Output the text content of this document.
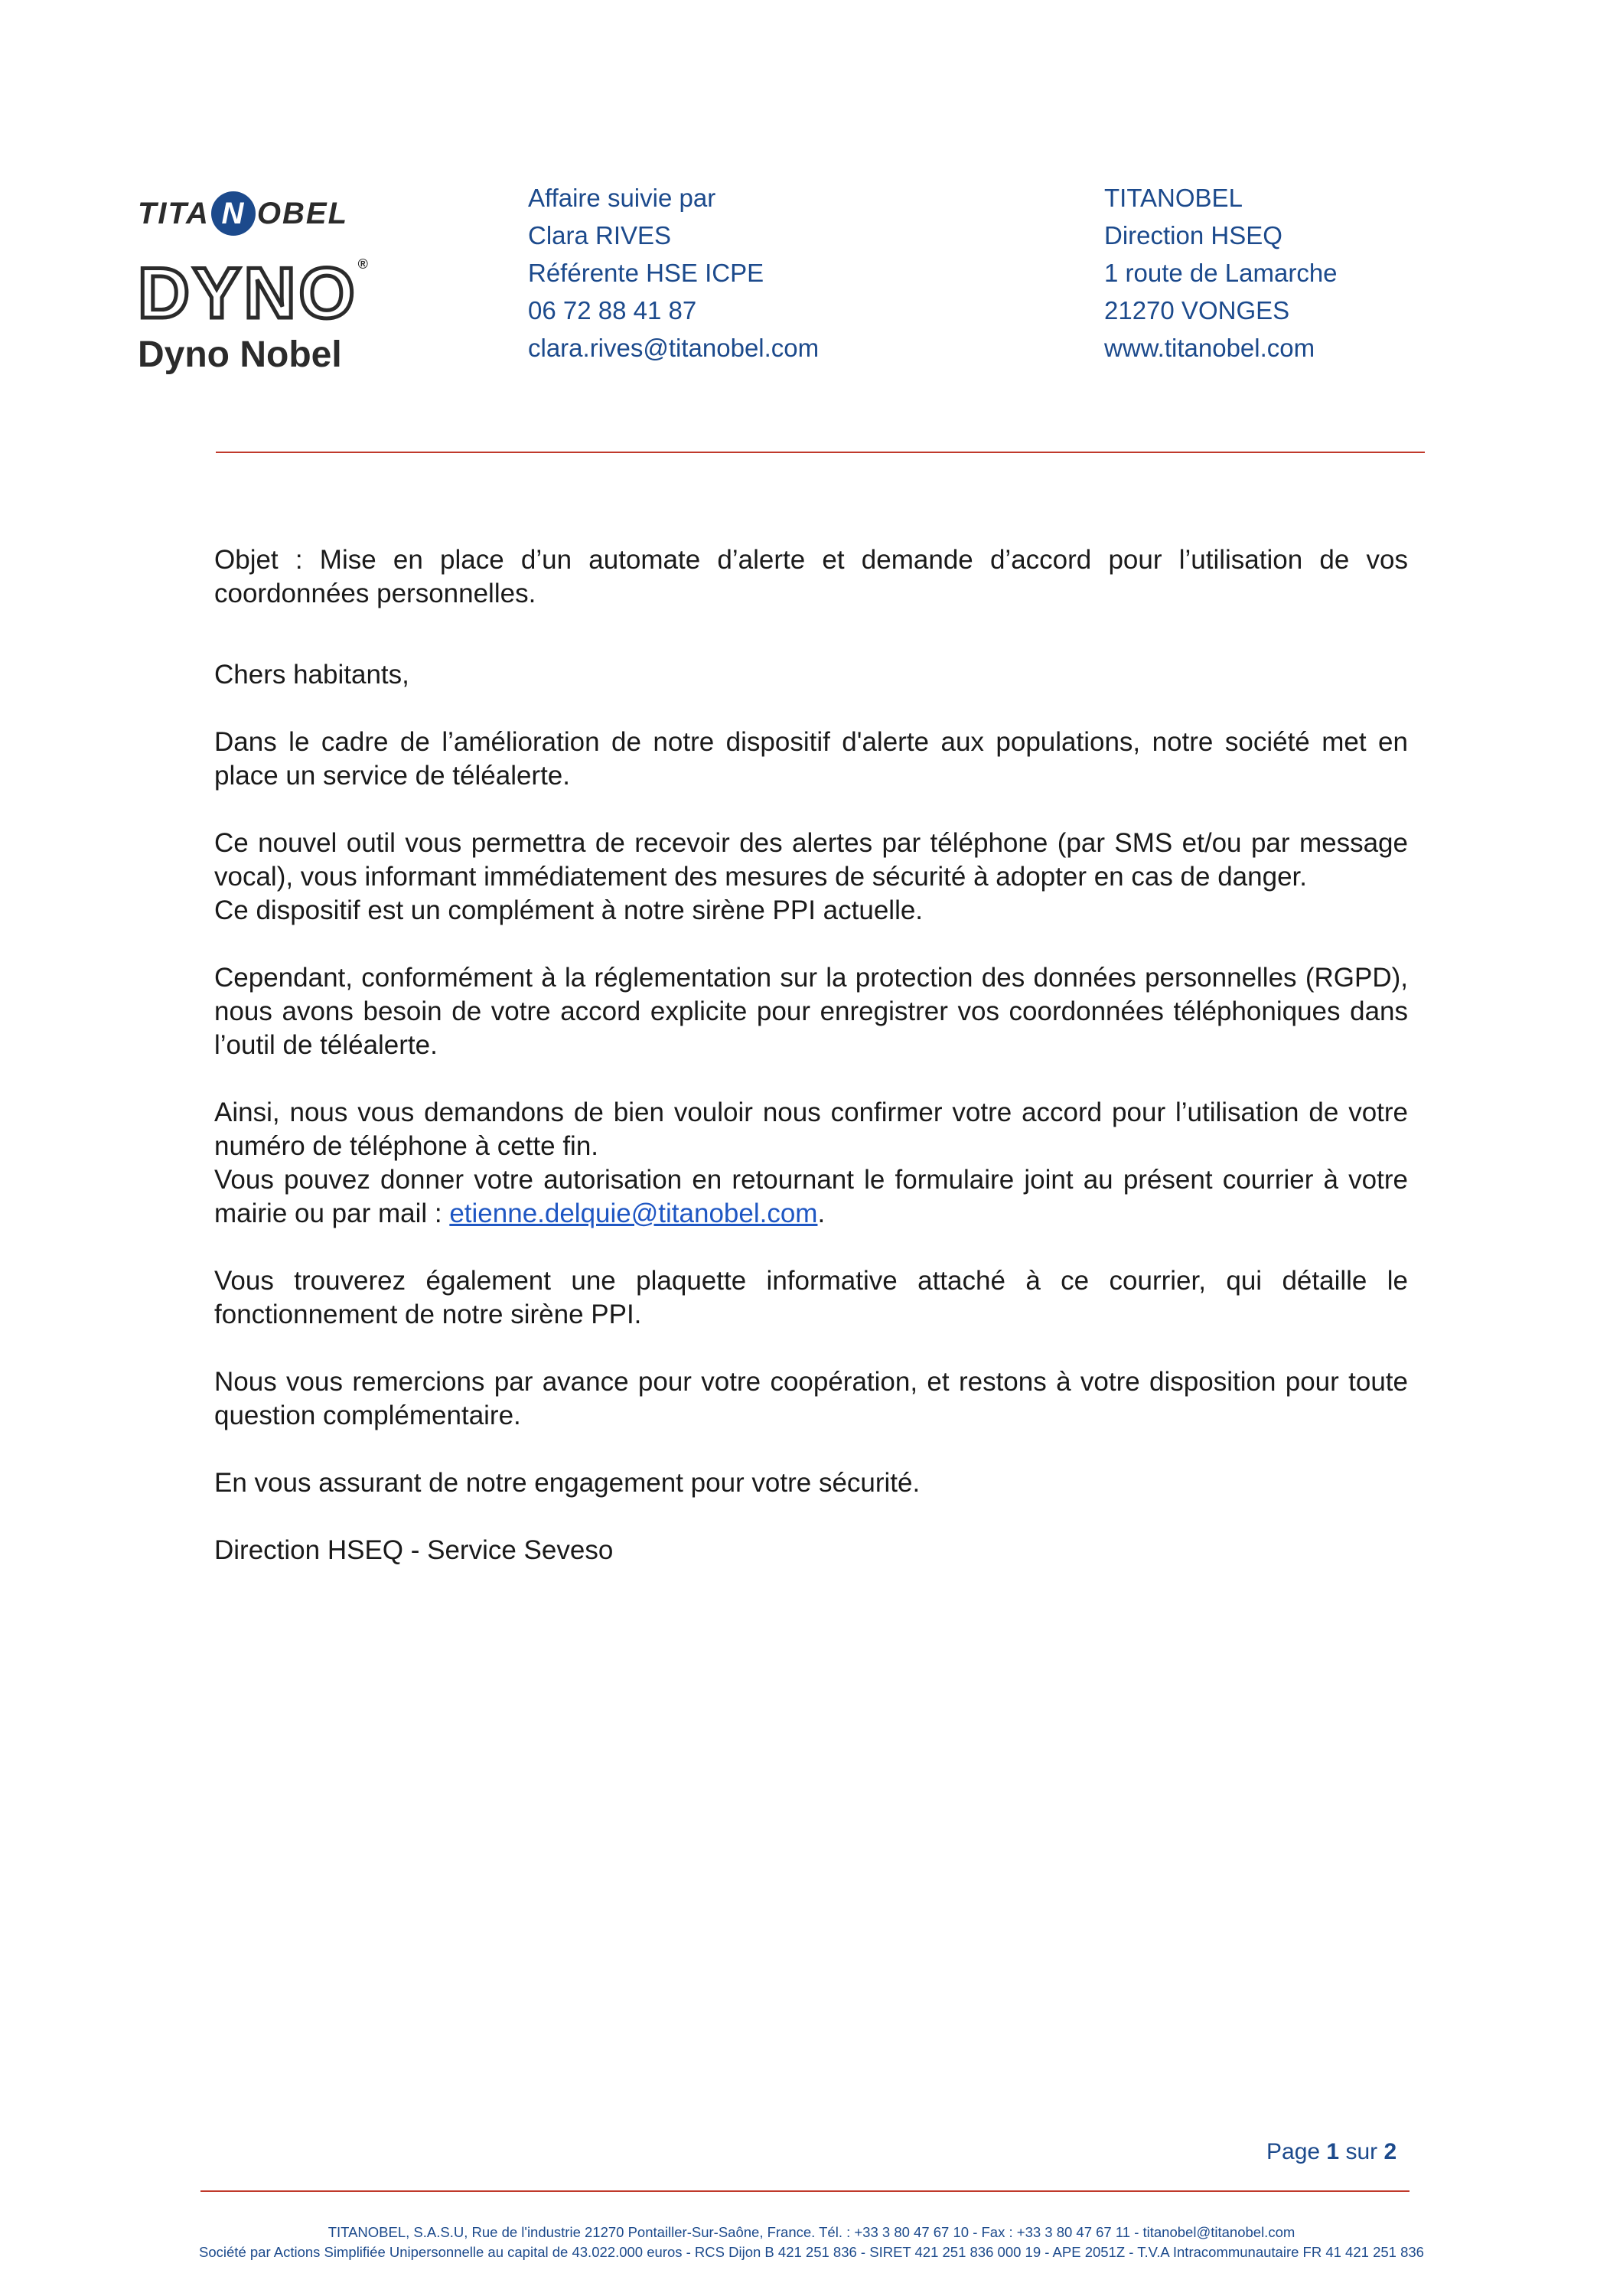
TITA N OBEL
DYNO®
Dyno Nobel
Affaire suivie par
Clara RIVES
Référente HSE ICPE
06 72 88 41 87
clara.rives@titanobel.com
TITANOBEL
Direction HSEQ
1 route de Lamarche
21270 VONGES
www.titanobel.com

Objet : Mise en place d’un automate d’alerte et demande d’accord pour l’utilisation de vos coordonnées personnelles.

Chers habitants,

Dans le cadre de l’amélioration de notre dispositif d'alerte aux populations, notre société met en place un service de téléalerte.

Ce nouvel outil vous permettra de recevoir des alertes par téléphone (par SMS et/ou par message vocal), vous informant immédiatement des mesures de sécurité à adopter en cas de danger.

Ce dispositif est un complément à notre sirène PPI actuelle.

Cependant, conformément à la réglementation sur la protection des données personnelles (RGPD), nous avons besoin de votre accord explicite pour enregistrer vos coordonnées téléphoniques dans l’outil de téléalerte.

Ainsi, nous vous demandons de bien vouloir nous confirmer votre accord pour l’utilisation de votre numéro de téléphone à cette fin.

Vous pouvez donner votre autorisation en retournant le formulaire joint au présent courrier à votre mairie ou par mail : etienne.delquie@titanobel.com.

Vous trouverez également une plaquette informative attaché à ce courrier, qui détaille le fonctionnement de notre sirène PPI.

Nous vous remercions par avance pour votre coopération, et restons à votre disposition pour toute question complémentaire.

En vous assurant de notre engagement pour votre sécurité.

Direction HSEQ - Service Seveso

Page 1 sur 2
TITANOBEL, S.A.S.U, Rue de l'industrie 21270 Pontailler-Sur-Saône, France. Tél. : +33 3 80 47 67 10 - Fax : +33 3 80 47 67 11 - titanobel@titanobel.com
Société par Actions Simplifiée Unipersonnelle au capital de 43.022.000 euros - RCS Dijon B 421 251 836 - SIRET 421 251 836 000 19 - APE 2051Z - T.V.A Intracommunautaire FR 41 421 251 836
